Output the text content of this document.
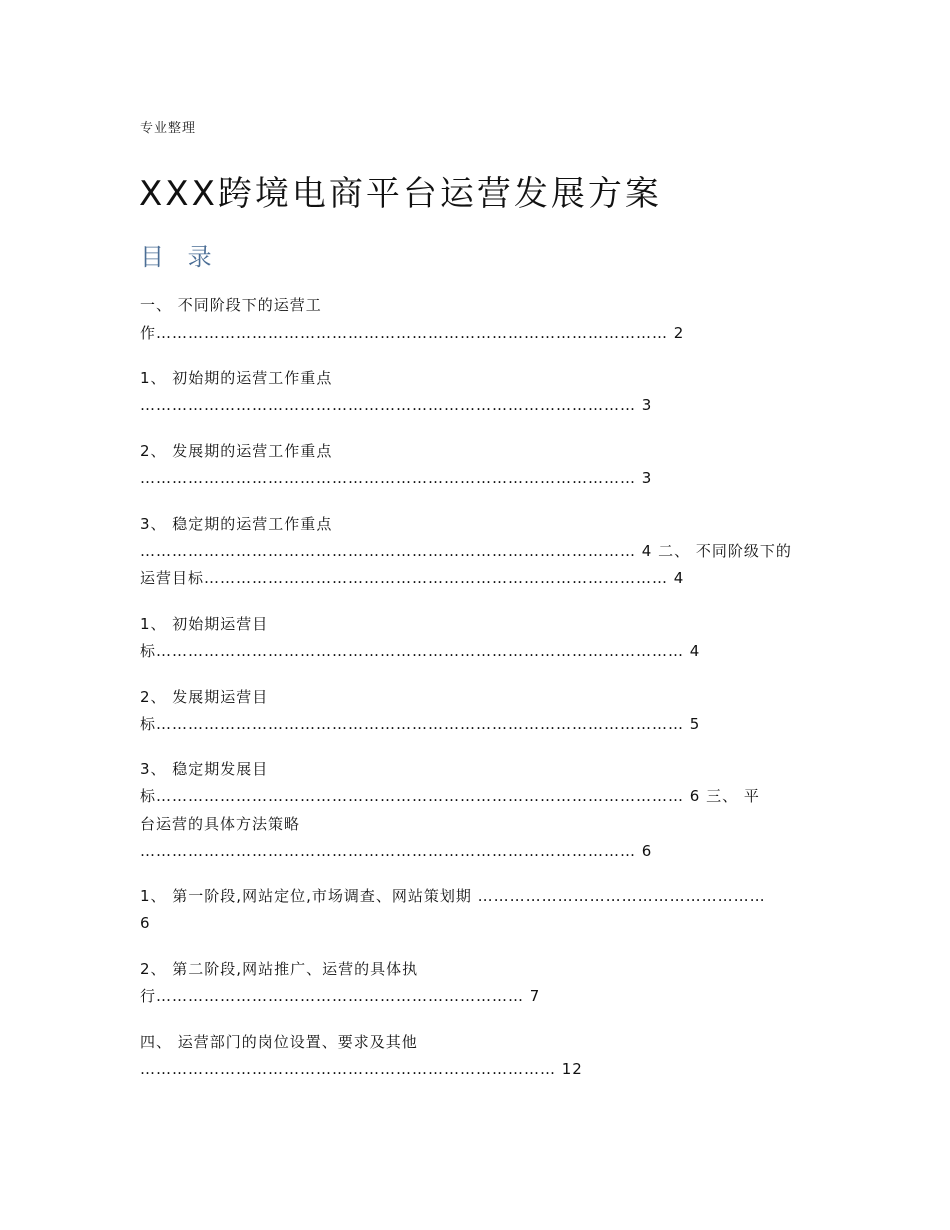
专业整理
XXX跨境电商平台运营发展方案
目 录
一、 不同阶段下的运营工
作…………………………………………………………………………………… 2
1、 初始期的运营工作重点
………………………………………………………………………………… 3
2、 发展期的运营工作重点
………………………………………………………………………………… 3
3、 稳定期的运营工作重点
………………………………………………………………………………… 4 二、 不同阶级下的
运营目标…………………………………………………………………………… 4
1、 初始期运营目
标……………………………………………………………………………………… 4
2、 发展期运营目
标……………………………………………………………………………………… 5
3、 稳定期发展目
标……………………………………………………………………………………… 6 三、 平
台运营的具体方法策略
………………………………………………………………………………… 6
1、 第一阶段,网站定位,市场调查、网站策划期 ………………………………………………
6
2、 第二阶段,网站推广、运营的具体执
行…………………………………………………………… 7
四、 运营部门的岗位设置、要求及其他
…………………………………………………………………… 12
